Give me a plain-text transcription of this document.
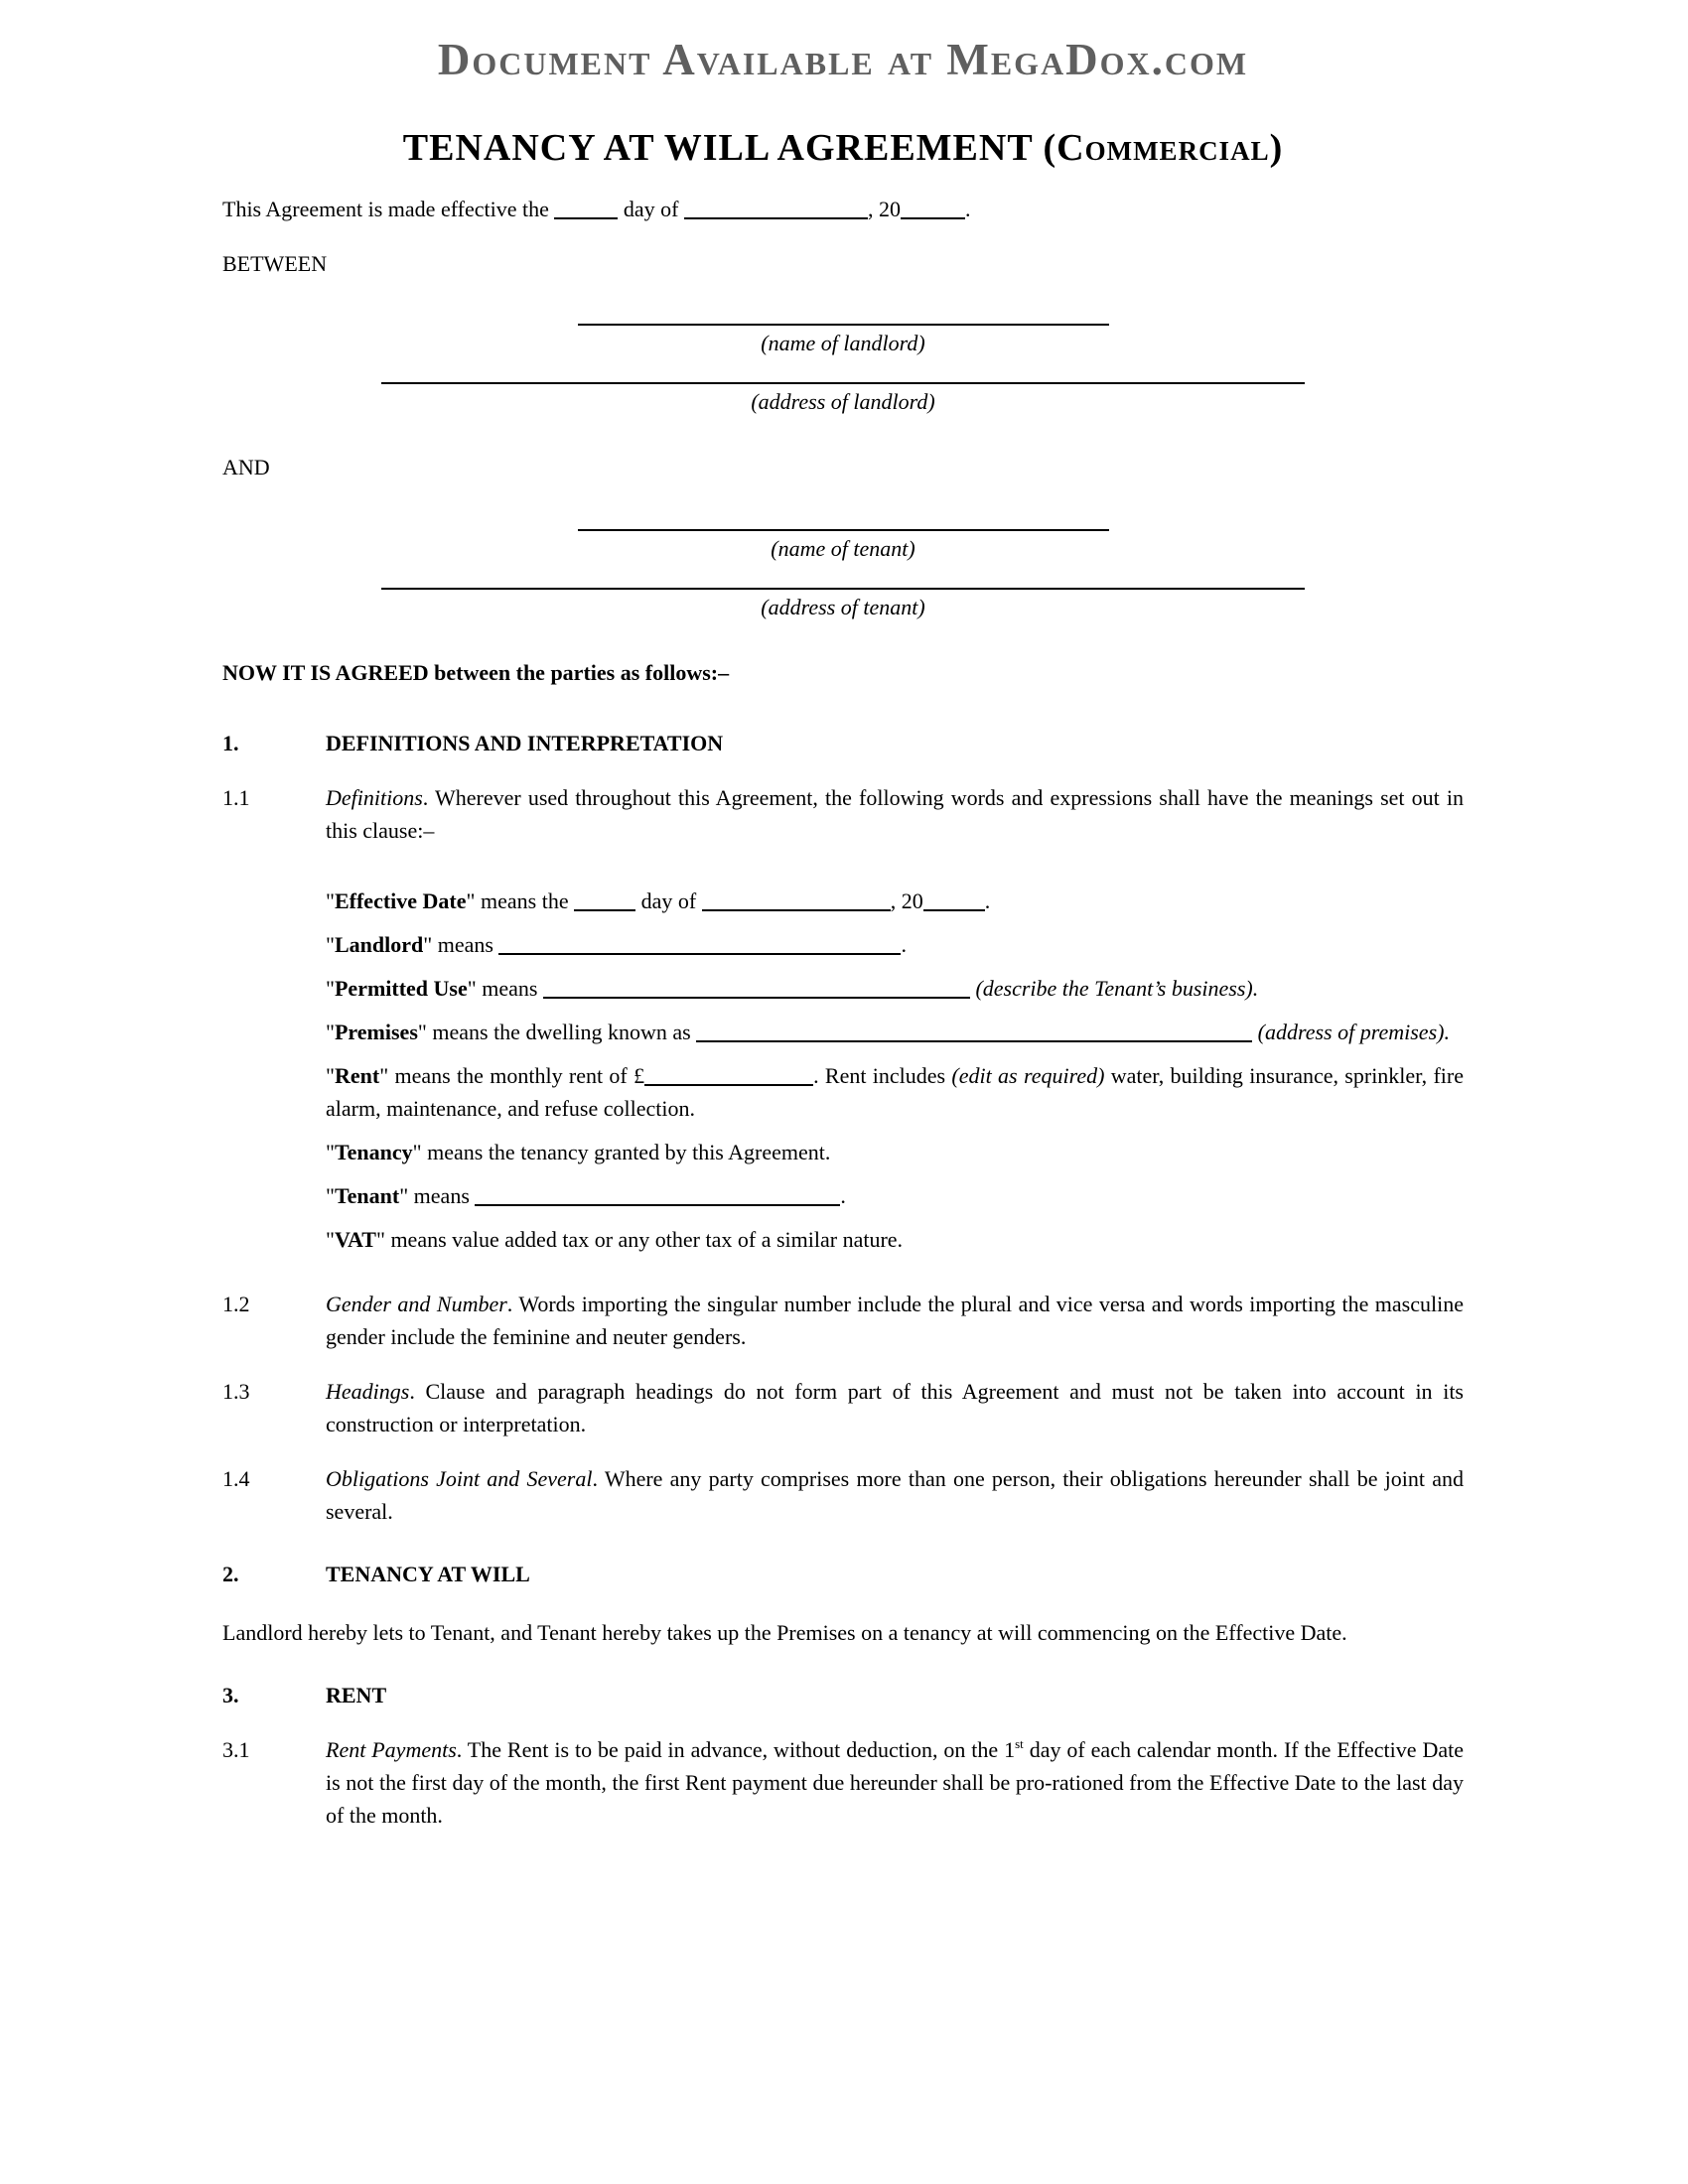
Document Available at MegaDox.com
TENANCY AT WILL AGREEMENT (Commercial)
This Agreement is made effective the	day of	, 20	.
BETWEEN
(name of landlord)
(address of landlord)
AND
(name of tenant)
(address of tenant)
NOW IT IS AGREED between the parties as follows:–
1.	DEFINITIONS AND INTERPRETATION
1.1	Definitions. Wherever used throughout this Agreement, the following words and expressions shall have the meanings set out in this clause:–
"Effective Date" means the	day of	, 20	.
"Landlord" means	.
"Permitted Use" means	(describe the Tenant’s business).
"Premises" means the dwelling known as	(address of premises).
"Rent" means the monthly rent of £	. Rent includes (edit as required) water, building insurance, sprinkler, fire alarm, maintenance, and refuse collection.
"Tenancy" means the tenancy granted by this Agreement.
"Tenant" means	.
"VAT" means value added tax or any other tax of a similar nature.
1.2	Gender and Number. Words importing the singular number include the plural and vice versa and words importing the masculine gender include the feminine and neuter genders.
1.3	Headings. Clause and paragraph headings do not form part of this Agreement and must not be taken into account in its construction or interpretation.
1.4	Obligations Joint and Several. Where any party comprises more than one person, their obligations hereunder shall be joint and several.
2.	TENANCY AT WILL
Landlord hereby lets to Tenant, and Tenant hereby takes up the Premises on a tenancy at will commencing on the Effective Date.
3.	RENT
3.1	Rent Payments. The Rent is to be paid in advance, without deduction, on the 1st day of each calendar month. If the Effective Date is not the first day of the month, the first Rent payment due hereunder shall be pro-rationed from the Effective Date to the last day of the month.
